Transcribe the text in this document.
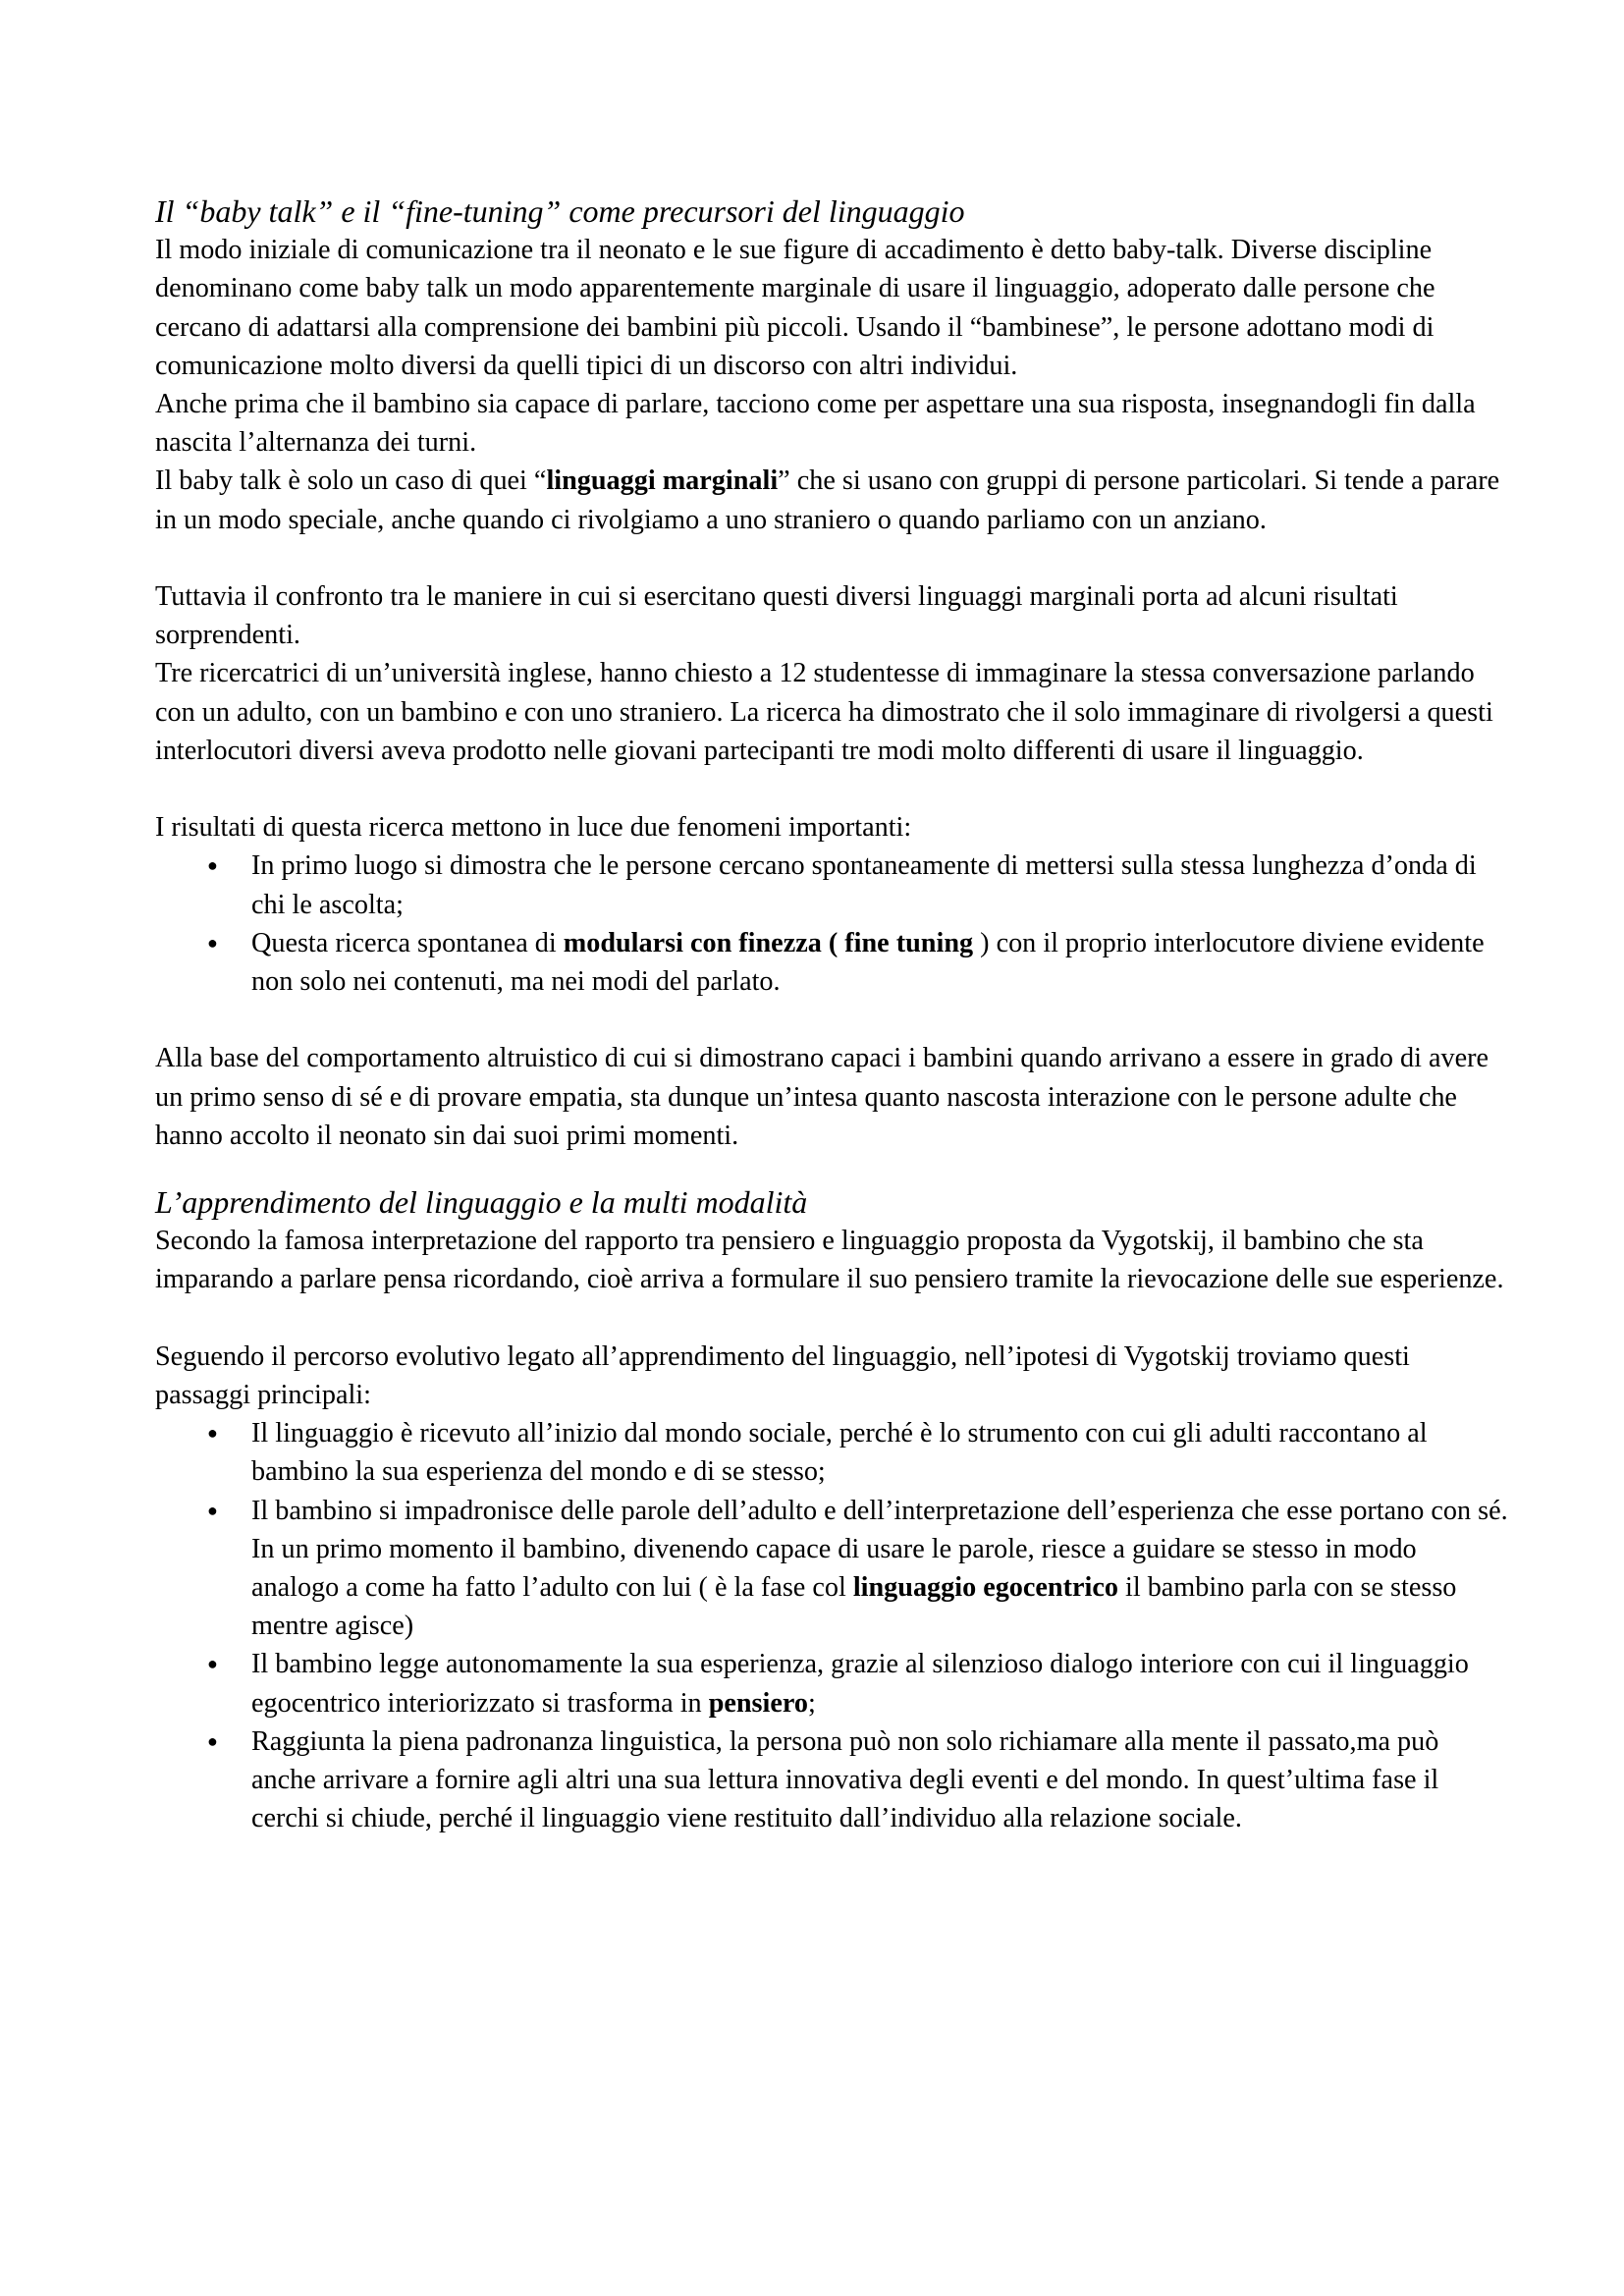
Il “baby talk” e il “fine-tuning” come precursori del linguaggio

Il modo iniziale di comunicazione tra il neonato e le sue figure di accadimento è detto baby-talk. Diverse discipline denominano come baby talk un modo apparentemente marginale di usare il linguaggio, adoperato dalle persone che cercano di adattarsi alla comprensione dei bambini più piccoli. Usando il “bambinese”, le persone adottano modi di comunicazione molto diversi da quelli tipici di un discorso con altri individui.

Anche prima che il bambino sia capace di parlare, tacciono come per aspettare una sua risposta, insegnandogli fin dalla nascita l’alternanza dei turni.

Il baby talk è solo un caso di quei “linguaggi marginali” che si usano con gruppi di persone particolari. Si tende a parare in un modo speciale, anche quando ci rivolgiamo a uno straniero o quando parliamo con un anziano.

Tuttavia il confronto tra le maniere in cui si esercitano questi diversi linguaggi marginali porta ad alcuni risultati sorprendenti.

Tre ricercatrici di un’università inglese, hanno chiesto a 12 studentesse di immaginare la stessa conversazione parlando con un adulto, con un bambino e con uno straniero. La ricerca ha dimostrato che il solo immaginare di rivolgersi a questi interlocutori diversi aveva prodotto nelle giovani partecipanti tre modi molto differenti di usare il linguaggio.

I risultati di questa ricerca mettono in luce due fenomeni importanti:

● In primo luogo si dimostra che le persone cercano spontaneamente di mettersi sulla stessa lunghezza d’onda di chi le ascolta;
● Questa ricerca spontanea di modularsi con finezza ( fine tuning ) con il proprio interlocutore diviene evidente non solo nei contenuti, ma nei modi del parlato.

Alla base del comportamento altruistico di cui si dimostrano capaci i bambini quando arrivano a essere in grado di avere un primo senso di sé e di provare empatia, sta dunque un’intesa quanto nascosta interazione con le persone adulte che hanno accolto il neonato sin dai suoi primi momenti.

L’apprendimento del linguaggio e la multi modalità

Secondo la famosa interpretazione del rapporto tra pensiero e linguaggio proposta da Vygotskij, il bambino che sta imparando a parlare pensa ricordando, cioè arriva a formulare il suo pensiero tramite la rievocazione delle sue esperienze.

Seguendo il percorso evolutivo legato all’apprendimento del linguaggio, nell’ipotesi di Vygotskij troviamo questi passaggi principali:

● Il linguaggio è ricevuto all’inizio dal mondo sociale, perché è lo strumento con cui gli adulti raccontano al bambino la sua esperienza del mondo e di se stesso;
● Il bambino si impadronisce delle parole dell’adulto e dell’interpretazione dell’esperienza che esse portano con sé. In un primo momento il bambino, divenendo capace di usare le parole, riesce a guidare se stesso in modo analogo a come ha fatto l’adulto con lui ( è la fase col linguaggio egocentrico il bambino parla con se stesso mentre agisce)
● Il bambino legge autonomamente la sua esperienza, grazie al silenzioso dialogo interiore con cui il linguaggio egocentrico interiorizzato si trasforma in pensiero;
● Raggiunta la piena padronanza linguistica, la persona può non solo richiamare alla mente il passato,ma può anche arrivare a fornire agli altri una sua lettura innovativa degli eventi e del mondo. In quest’ultima fase il cerchi si chiude, perché il linguaggio viene restituito dall’individuo alla relazione sociale.
